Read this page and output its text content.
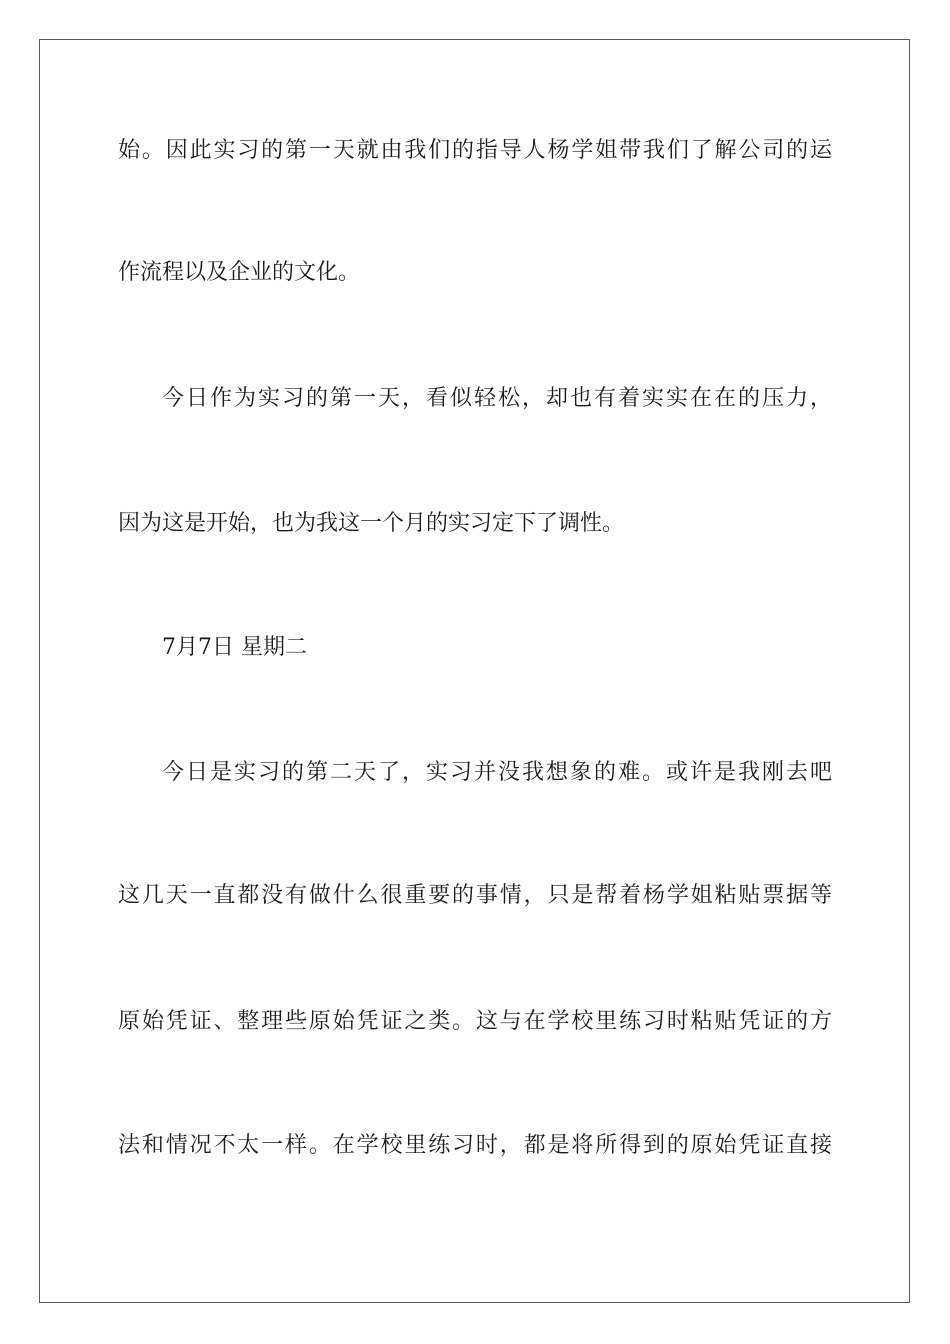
始。因此实习的第一天就由我们的指导人杨学姐带我们了解公司的运
作流程以及企业的文化。
今日作为实习的第一天，看似轻松，却也有着实实在在的压力，
因为这是开始，也为我这一个月的实习定下了调性。
7月7日 星期二
今日是实习的第二天了，实习并没我想象的难。或许是我刚去吧
这几天一直都没有做什么很重要的事情，只是帮着杨学姐粘贴票据等
原始凭证、整理些原始凭证之类。这与在学校里练习时粘贴凭证的方
法和情况不太一样。在学校里练习时，都是将所得到的原始凭证直接
